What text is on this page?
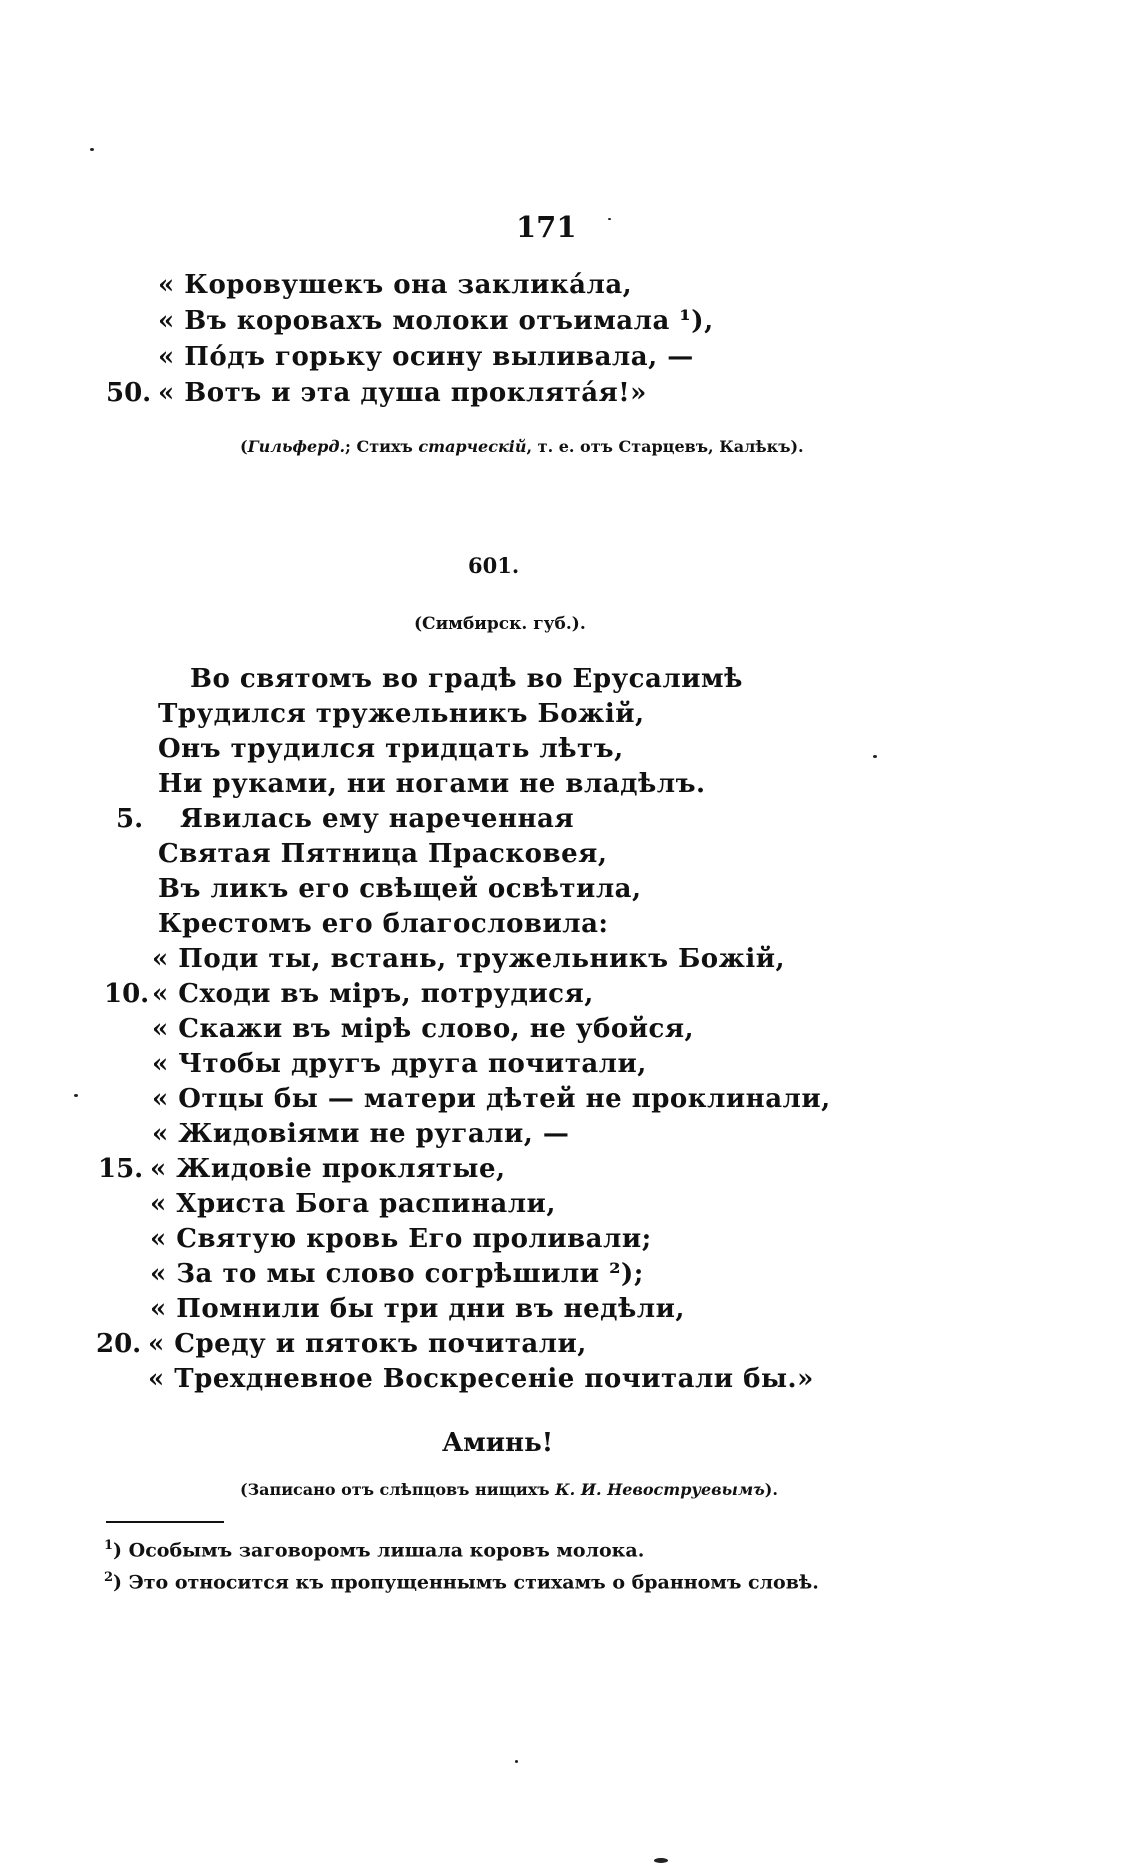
171
« Коровушекъ она закликáла,
« Въ коровахъ молоки отъимала ¹),
« Пóдъ горьку осину выливала, —
50. « Вотъ и эта душа проклятáя!»
(Гильферд.; Стихъ старческій, т. е. отъ Старцевъ, Калѣкъ).
601.
(Симбирск. губ.).
Во святомъ во градѣ во Ерусалимѣ
Трудился тружельникъ Божій,
Онъ трудился тридцать лѣтъ,
Ни руками, ни ногами не владѣлъ.
5. Явилась ему нареченная
Святая Пятница Прасковея,
Въ ликъ его свѣщей освѣтила,
Крестомъ его благословила:
« Поди ты, встань, тружельникъ Божій,
10. « Сходи въ міръ, потрудися,
« Скажи въ мірѣ слово, не убойся,
« Чтобы другъ друга почитали,
« Отцы бы — матери дѣтей не проклинали,
« Жидовіями не ругали, —
15. « Жидовіе проклятые,
« Христа Бога распинали,
« Святую кровь Его проливали;
« За то мы слово согрѣшили ²);
« Помнили бы три дни въ недѣли,
20. « Среду и пятокъ почитали,
« Трехдневное Воскресеніе почитали бы.»
Аминь!
(Записано отъ слѣпцовъ нищихъ К. И. Невоструевымъ).
$^1$) Особымъ заговоромъ лишала коровъ молока.
$^2$) Это относится къ пропущеннымъ стихамъ о бранномъ словѣ.
